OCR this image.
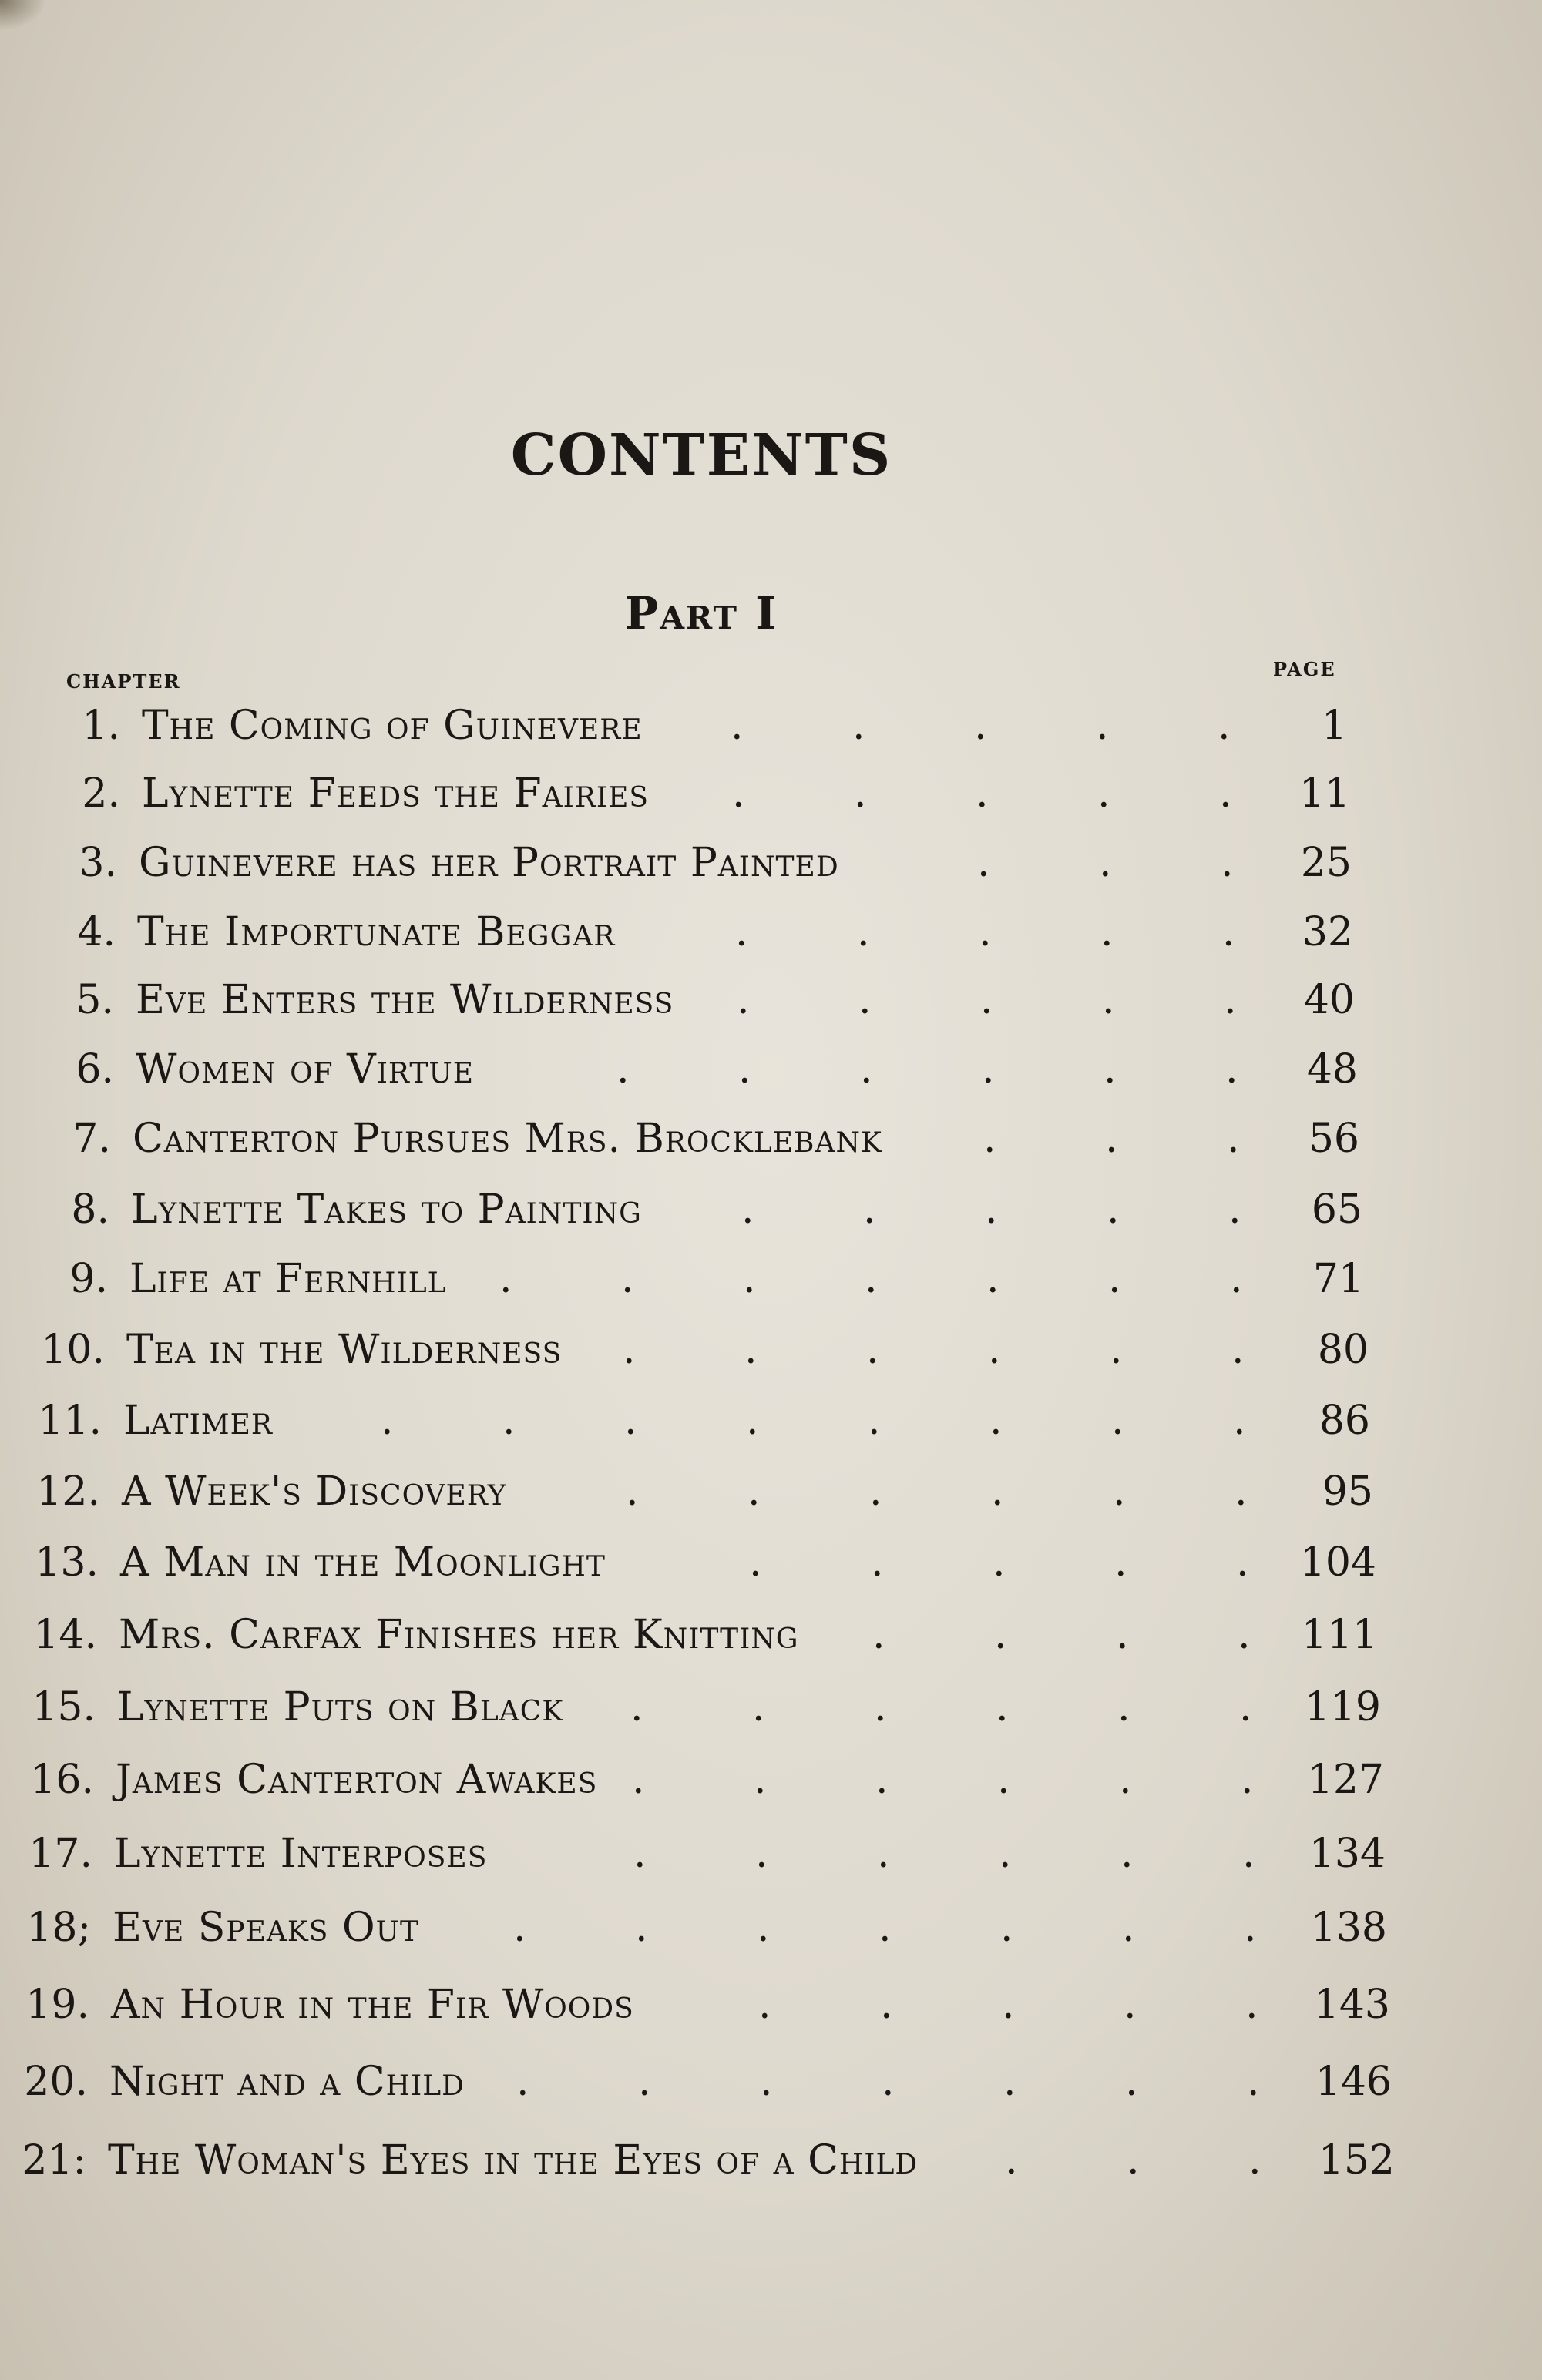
CONTENTS
Part I
CHAPTER
PAGE
1. The Coming of Guinevere	1
.
.
.
.
.
2. Lynette Feeds the Fairies	11
.
.
.
.
.
3. Guinevere has her Portrait Painted	25
.
.
.
4. The Importunate Beggar	32
.
.
.
.
.
5. Eve Enters the Wilderness	40
.
.
.
.
.
6. Women of Virtue	48
.
.
.
.
.
.
7. Canterton Pursues Mrs. Brocklebank	56
.
.
.
8. Lynette Takes to Painting	65
.
.
.
.
.
9. Life at Fernhill	71
.
.
.
.
.
.
.
10. Tea in the Wilderness	80
.
.
.
.
.
.
11. Latimer	86
.
.
.
.
.
.
.
.
12. A Week's Discovery	95
.
.
.
.
.
.
13. A Man in the Moonlight	104
.
.
.
.
.
14. Mrs. Carfax Finishes her Knitting	111
.
.
.
.
15. Lynette Puts on Black	119
.
.
.
.
.
.
16. James Canterton Awakes	127
.
.
.
.
.
.
17. Lynette Interposes	134
.
.
.
.
.
.
18; Eve Speaks Out	138
.
.
.
.
.
.
.
19. An Hour in the Fir Woods	143
.
.
.
.
.
20. Night and a Child	146
.
.
.
.
.
.
.
21: The Woman's Eyes in the Eyes of a Child	152
.
.
.
